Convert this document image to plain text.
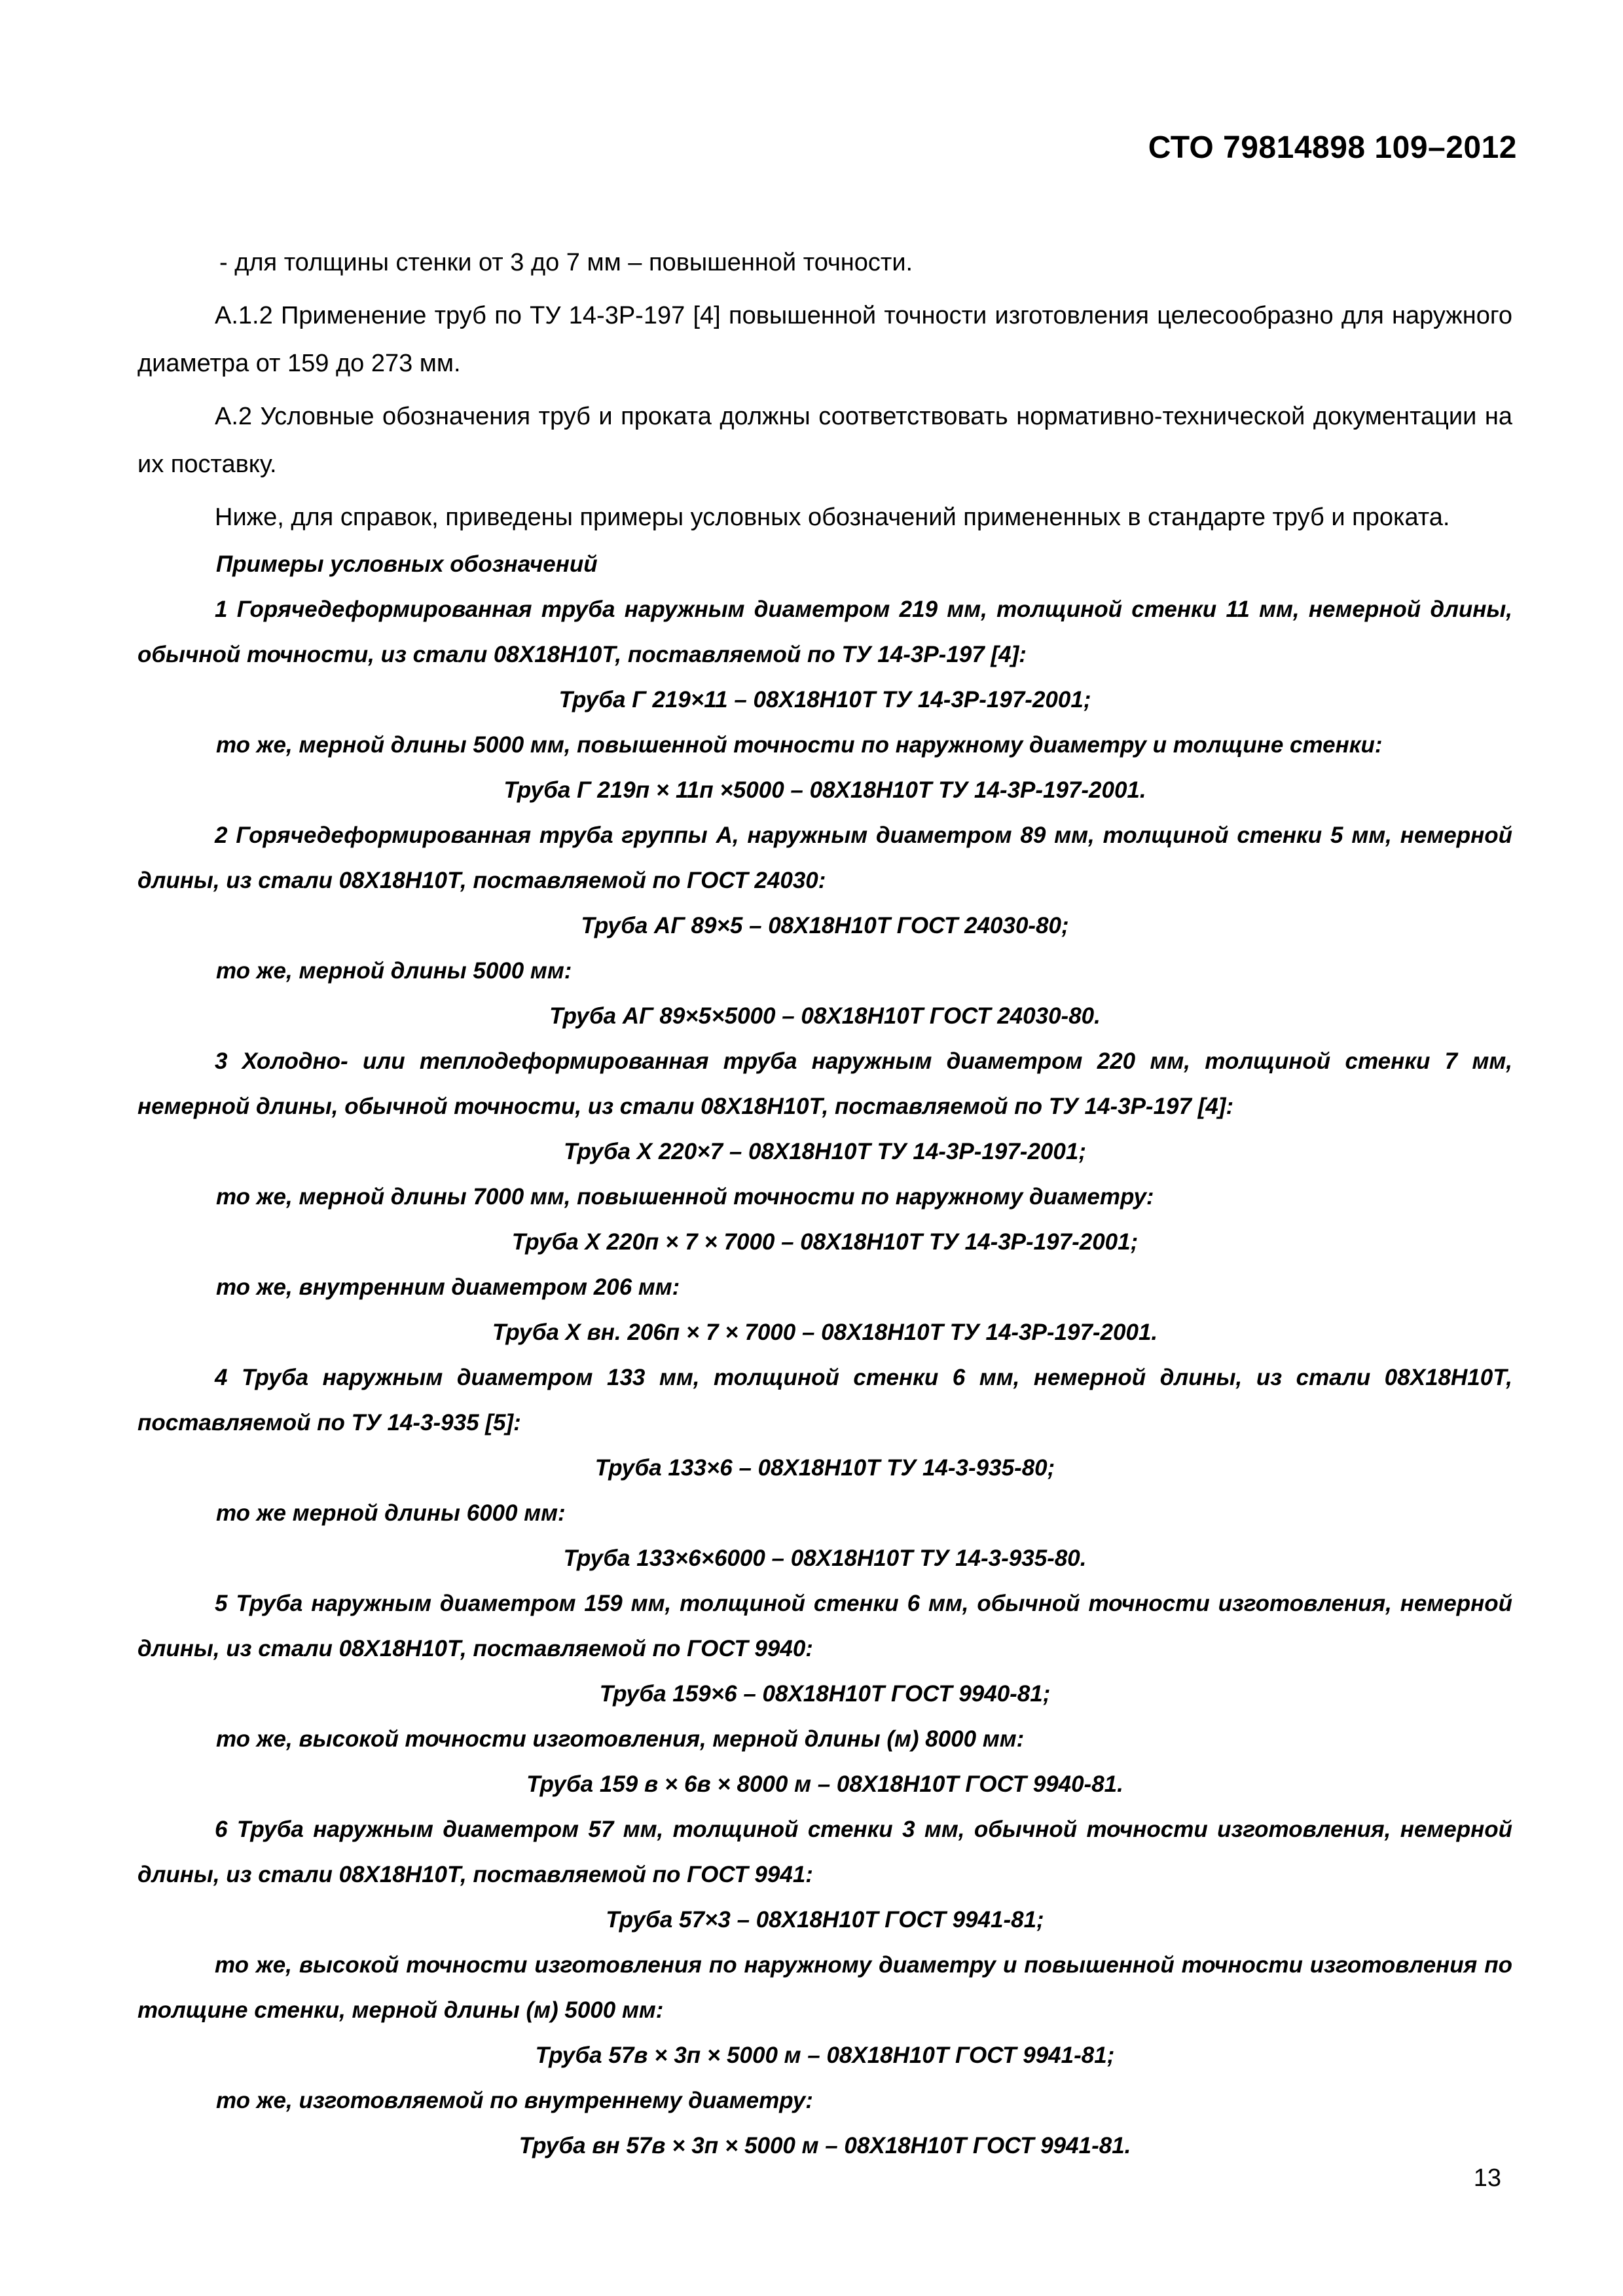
СТО 79814898 109–2012

- для толщины стенки от 3 до 7 мм – повышенной точности.

А.1.2 Применение труб по ТУ 14-3Р-197 [4] повышенной точности изготовления целесообразно для наружного диаметра от 159 до 273 мм.

А.2 Условные обозначения труб и проката должны соответствовать нормативно-технической документации на их поставку.

Ниже, для справок, приведены примеры условных обозначений примененных в стандарте труб и проката.

Примеры условных обозначений

1 Горячедеформированная труба наружным диаметром 219 мм, толщиной стенки 11 мм, немерной длины, обычной точности, из стали 08Х18Н10Т, поставляемой по ТУ 14-3Р-197 [4]:

Труба Г 219×11 – 08Х18Н10Т ТУ 14-3Р-197-2001;

то же, мерной длины 5000 мм, повышенной точности по наружному диаметру и толщине стенки:

Труба Г 219п × 11п ×5000 – 08Х18Н10Т ТУ 14-3Р-197-2001.

2 Горячедеформированная труба группы А, наружным диаметром 89 мм, толщиной стенки 5 мм, немерной длины, из стали 08Х18Н10Т, поставляемой по ГОСТ 24030:

Труба АГ 89×5 – 08Х18Н10Т ГОСТ 24030-80;

то же, мерной длины 5000 мм:

Труба АГ 89×5×5000 – 08Х18Н10Т ГОСТ 24030-80.

3 Холодно- или теплодеформированная труба наружным диаметром 220 мм, толщиной стенки 7 мм, немерной длины, обычной точности, из стали 08Х18Н10Т, поставляемой по ТУ 14-3Р-197 [4]:

Труба Х 220×7 – 08Х18Н10Т ТУ 14-3Р-197-2001;

то же, мерной длины 7000 мм, повышенной точности по наружному диаметру:

Труба Х 220п × 7 × 7000 – 08Х18Н10Т ТУ 14-3Р-197-2001;

то же, внутренним диаметром 206 мм:

Труба Х вн. 206п × 7 × 7000 – 08Х18Н10Т ТУ 14-3Р-197-2001.

4 Труба наружным диаметром 133 мм, толщиной стенки 6 мм, немерной длины, из стали 08Х18Н10Т, поставляемой по ТУ 14-3-935 [5]:

Труба 133×6 – 08Х18Н10Т ТУ 14-3-935-80;

то же мерной длины 6000 мм:

Труба 133×6×6000 – 08Х18Н10Т ТУ 14-3-935-80.

5 Труба наружным диаметром 159 мм, толщиной стенки 6 мм, обычной точности изготовления, немерной длины, из стали 08Х18Н10Т, поставляемой по ГОСТ 9940:

Труба 159×6 – 08Х18Н10Т ГОСТ 9940-81;

то же, высокой точности изготовления, мерной длины (м) 8000 мм:

Труба 159 в × 6в × 8000 м – 08Х18Н10Т ГОСТ 9940-81.

6 Труба наружным диаметром 57 мм, толщиной стенки 3 мм, обычной точности изготовления, немерной длины, из стали 08Х18Н10Т, поставляемой по ГОСТ 9941:

Труба 57×3 – 08Х18Н10Т ГОСТ 9941-81;

то же, высокой точности изготовления по наружному диаметру и повышенной точности изготовления по толщине стенки, мерной длины (м) 5000 мм:

Труба 57в × 3п × 5000 м – 08Х18Н10Т ГОСТ 9941-81;

то же, изготовляемой по внутреннему диаметру:

Труба вн 57в × 3п × 5000 м – 08Х18Н10Т ГОСТ 9941-81.

13
